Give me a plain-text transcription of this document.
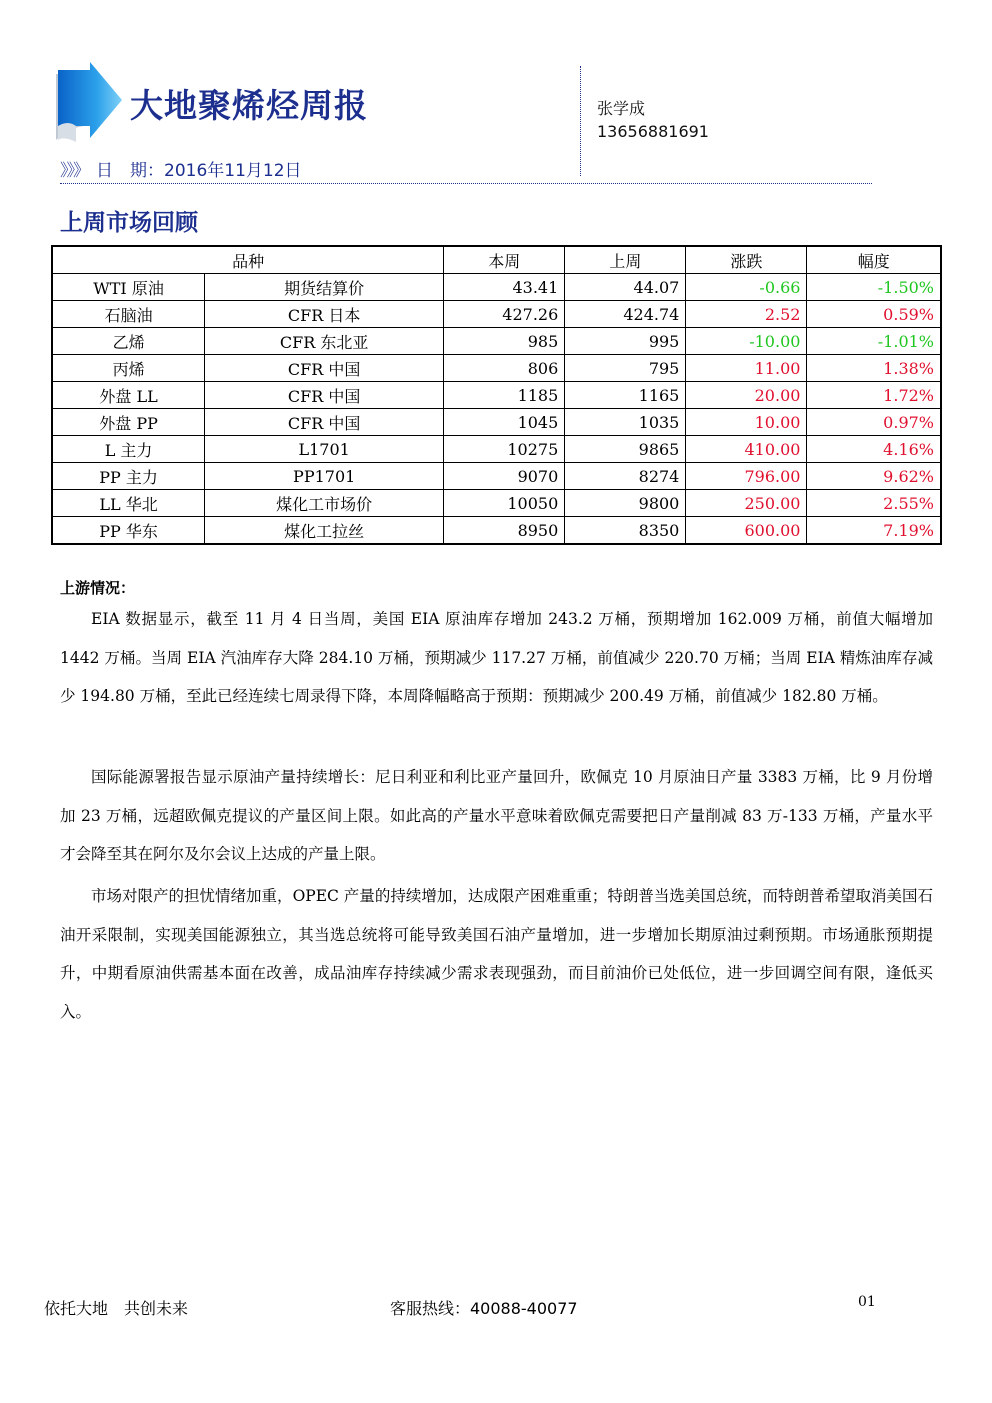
大地聚烯烃周报
》》》 日　期：2016年11月12日
张学成
13656881691
上周市场回顾
品种		本周	上周	涨跌	幅度
WTI 原油	期货结算价	43.41	44.07	-0.66	-1.50%
石脑油	CFR 日本	427.26	424.74	2.52	0.59%
乙烯	CFR 东北亚	985	995	-10.00	-1.01%
丙烯	CFR 中国	806	795	11.00	1.38%
外盘 LL	CFR 中国	1185	1165	20.00	1.72%
外盘 PP	CFR 中国	1045	1035	10.00	0.97%
L 主力	L1701	10275	9865	410.00	4.16%
PP 主力	PP1701	9070	8274	796.00	9.62%
LL 华北	煤化工市场价	10050	9800	250.00	2.55%
PP 华东	煤化工拉丝	8950	8350	600.00	7.19%
上游情况：

EIA 数据显示，截至 11 月 4 日当周，美国 EIA 原油库存增加 243.2 万桶，预期增加 162.009 万桶，前值大幅增加 1442 万桶。当周 EIA 汽油库存大降 284.10 万桶，预期减少 117.27 万桶，前值减少 220.70 万桶；当周 EIA 精炼油库存减少 194.80 万桶，至此已经连续七周录得下降，本周降幅略高于预期：预期减少 200.49 万桶，前值减少 182.80 万桶。

国际能源署报告显示原油产量持续增长：尼日利亚和利比亚产量回升，欧佩克 10 月原油日产量 3383 万桶，比 9 月份增加 23 万桶，远超欧佩克提议的产量区间上限。如此高的产量水平意味着欧佩克需要把日产量削减 83 万-133 万桶，产量水平才会降至其在阿尔及尔会议上达成的产量上限。

市场对限产的担忧情绪加重，OPEC 产量的持续增加，达成限产困难重重；特朗普当选美国总统，而特朗普希望取消美国石油开采限制，实现美国能源独立，其当选总统将可能导致美国石油产量增加，进一步增加长期原油过剩预期。市场通胀预期提升，中期看原油供需基本面在改善，成品油库存持续减少需求表现强劲，而目前油价已处低位，进一步回调空间有限，逢低买入。

依托大地　共创未来	客服热线：40088-40077	01
